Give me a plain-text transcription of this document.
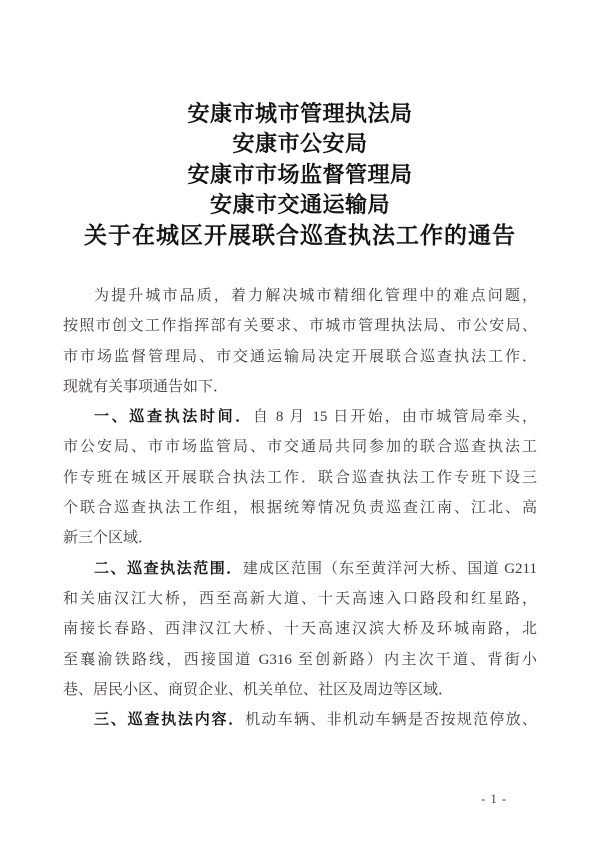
安康市城市管理执法局
安康市公安局
安康市市场监督管理局
安康市交通运输局
关于在城区开展联合巡查执法工作的通告
为提升城市品质，着力解决城市精细化管理中的难点问题，
按照市创文工作指挥部有关要求、市城市管理执法局、市公安局、
市市场监督管理局、市交通运输局决定开展联合巡查执法工作．
现就有关事项通告如下．
一、巡查执法时间．自 8 月 15 日开始，由市城管局牵头，
市公安局、市市场监管局、市交通局共同参加的联合巡查执法工
作专班在城区开展联合执法工作．联合巡查执法工作专班下设三
个联合巡查执法工作组，根据统筹情况负责巡查江南、江北、高
新三个区域．
二、巡查执法范围．建成区范围（东至黄洋河大桥、国道 G211
和关庙汉江大桥，西至高新大道、十天高速入口路段和红星路，
南接长春路、西津汉江大桥、十天高速汉滨大桥及环城南路，北
至襄渝铁路线，西接国道 G316 至创新路）内主次干道、背街小
巷、居民小区、商贸企业、机关单位、社区及周边等区域．
三、巡查执法内容．机动车辆、非机动车辆是否按规范停放、
- 1 -
